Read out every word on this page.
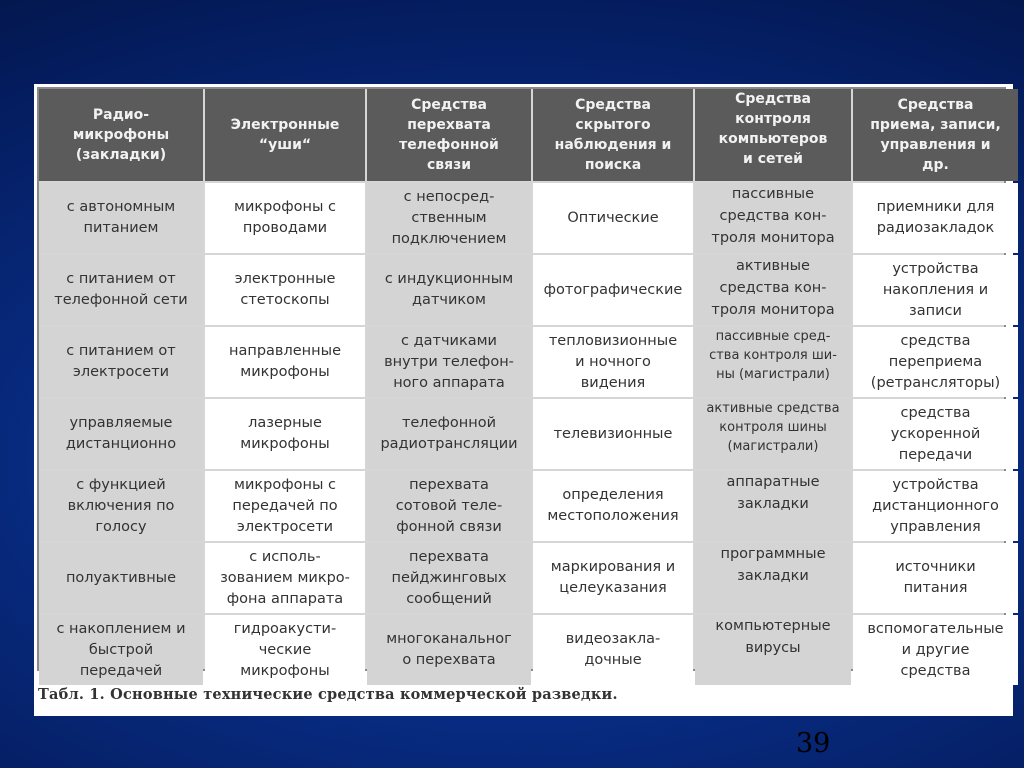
Радио-
микрофоны
(закладки)
Электронные
“уши“
Средства
перехвата
телефонной
связи
Средства
скрытого
наблюдения и
поиска
Средства
контроля
компьютеров
и сетей
Средства
приема, записи,
управления и
др.
с автономным
питанием
микрофоны с
проводами
с непосред-
ственным
подключением
Оптические
пассивные
средства кон-
троля монитора
приемники для
радиозакладок
с питанием от
телефонной сети
электронные
стетоскопы
с индукционным
датчиком
фотографические
активные
средства кон-
троля монитора
устройства
накопления и
записи
с питанием от
электросети
направленные
микрофоны
с датчиками
внутри телефон-
ного аппарата
тепловизионные
и ночного
видения
пассивные сред-
ства контроля ши-
ны (магистрали)
средства
переприема
(ретрансляторы)
управляемые
дистанционно
лазерные
микрофоны
телефонной
радиотрансляции
телевизионные
активные средства
контроля шины
(магистрали)
средства
ускоренной
передачи
с функцией
включения по
голосу
микрофоны с
передачей по
электросети
перехвата
сотовой теле-
фонной связи
определения
местоположения
аппаратные
закладки
устройства
дистанционного
управления
полуактивные
с исполь-
зованием микро-
фона аппарата
перехвата
пейджинговых
сообщений
маркирования и
целеуказания
программные
закладки
источники
питания
с накоплением и
быстрой
передачей
гидроакусти-
ческие
микрофоны
многоканальног
о перехвата
видеозакла-
дочные
компьютерные
вирусы
вспомогательные
и другие
средства
Табл. 1. Основные технические средства коммерческой разведки.
39
